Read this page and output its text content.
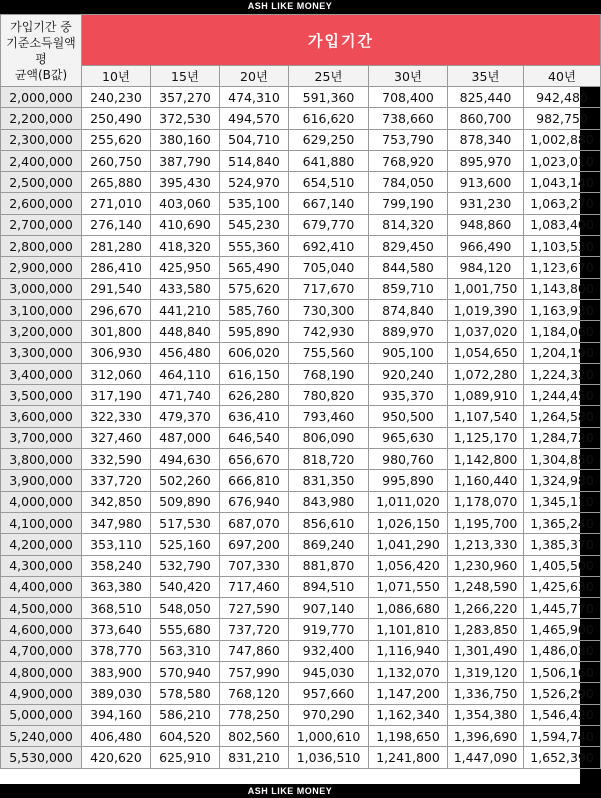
ASH LIKE MONEY
가입기간 중
기준소득월액평
균액(B값)	가입기간						
	10년	15년	20년	25년	30년	35년	40년
2,000,000	240,230	357,270	474,310	591,360	708,400	825,440	942,480
2,200,000	250,490	372,530	494,570	616,620	738,660	860,700	982,750
2,300,000	255,620	380,160	504,710	629,250	753,790	878,340	1,002,880
2,400,000	260,750	387,790	514,840	641,880	768,920	895,970	1,023,010
2,500,000	265,880	395,430	524,970	654,510	784,050	913,600	1,043,140
2,600,000	271,010	403,060	535,100	667,140	799,190	931,230	1,063,270
2,700,000	276,140	410,690	545,230	679,770	814,320	948,860	1,083,400
2,800,000	281,280	418,320	555,360	692,410	829,450	966,490	1,103,530
2,900,000	286,410	425,950	565,490	705,040	844,580	984,120	1,123,670
3,000,000	291,540	433,580	575,620	717,670	859,710	1,001,750	1,143,800
3,100,000	296,670	441,210	585,760	730,300	874,840	1,019,390	1,163,930
3,200,000	301,800	448,840	595,890	742,930	889,970	1,037,020	1,184,060
3,300,000	306,930	456,480	606,020	755,560	905,100	1,054,650	1,204,190
3,400,000	312,060	464,110	616,150	768,190	920,240	1,072,280	1,224,320
3,500,000	317,190	471,740	626,280	780,820	935,370	1,089,910	1,244,450
3,600,000	322,330	479,370	636,410	793,460	950,500	1,107,540	1,264,580
3,700,000	327,460	487,000	646,540	806,090	965,630	1,125,170	1,284,720
3,800,000	332,590	494,630	656,670	818,720	980,760	1,142,800	1,304,850
3,900,000	337,720	502,260	666,810	831,350	995,890	1,160,440	1,324,980
4,000,000	342,850	509,890	676,940	843,980	1,011,020	1,178,070	1,345,110
4,100,000	347,980	517,530	687,070	856,610	1,026,150	1,195,700	1,365,240
4,200,000	353,110	525,160	697,200	869,240	1,041,290	1,213,330	1,385,370
4,300,000	358,240	532,790	707,330	881,870	1,056,420	1,230,960	1,405,500
4,400,000	363,380	540,420	717,460	894,510	1,071,550	1,248,590	1,425,630
4,500,000	368,510	548,050	727,590	907,140	1,086,680	1,266,220	1,445,770
4,600,000	373,640	555,680	737,720	919,770	1,101,810	1,283,850	1,465,900
4,700,000	378,770	563,310	747,860	932,400	1,116,940	1,301,490	1,486,030
4,800,000	383,900	570,940	757,990	945,030	1,132,070	1,319,120	1,506,160
4,900,000	389,030	578,580	768,120	957,660	1,147,200	1,336,750	1,526,290
5,000,000	394,160	586,210	778,250	970,290	1,162,340	1,354,380	1,546,420
5,240,000	406,480	604,520	802,560	1,000,610	1,198,650	1,396,690	1,594,740
5,530,000	420,620	625,910	831,210	1,036,510	1,241,800	1,447,090	1,652,390
ASH LIKE MONEY
